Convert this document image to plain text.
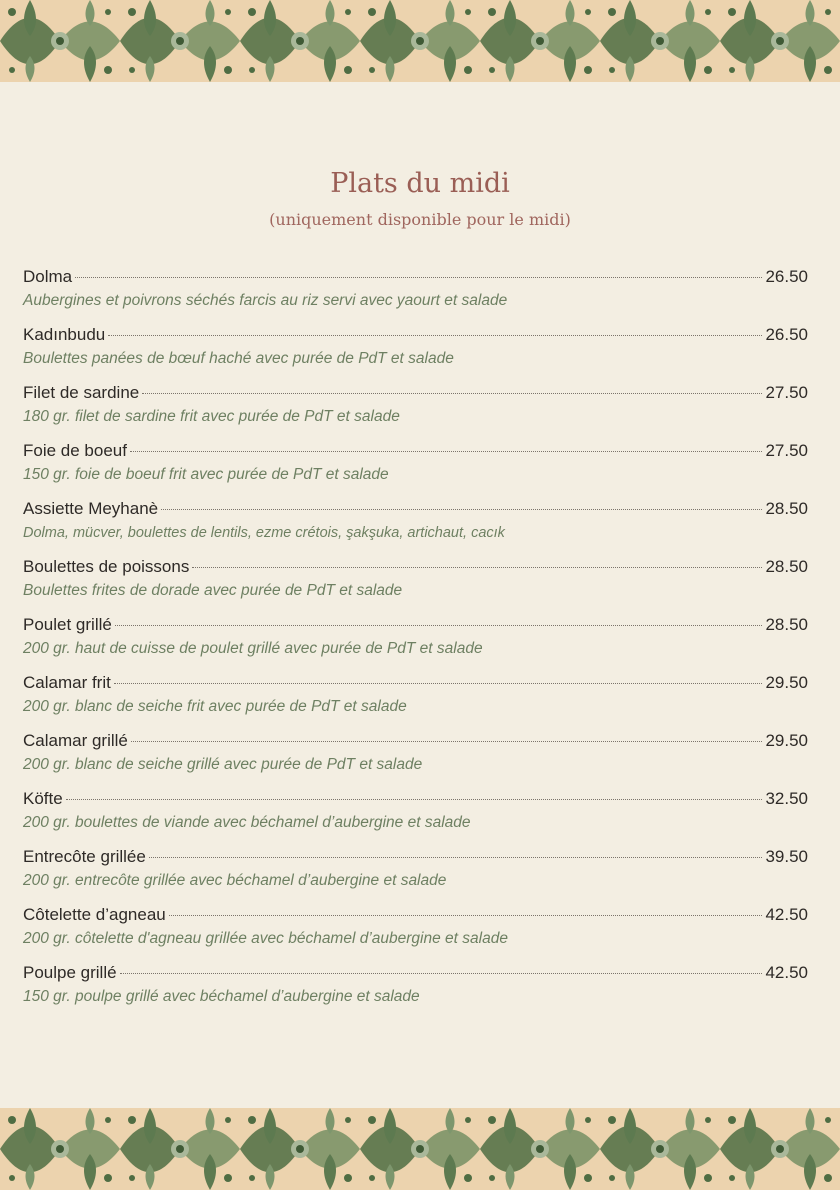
Plats du midi

(uniquement disponible pour le midi)

Dolma	26.50
Aubergines et poivrons séchés farcis au riz servi avec yaourt et salade
Kadınbudu	26.50
Boulettes panées de bœuf haché avec purée de PdT et salade
Filet de sardine	27.50
180 gr. filet de sardine frit avec purée de PdT et salade
Foie de boeuf	27.50
150 gr. foie de boeuf frit avec purée de PdT et salade
Assiette Meyhanè	28.50
Dolma, mücver, boulettes de lentils, ezme crétois, şakşuka, artichaut, cacık
Boulettes de poissons	28.50
Boulettes frites de dorade avec purée de PdT et salade
Poulet grillé	28.50
200 gr. haut de cuisse de poulet grillé avec purée de PdT et salade
Calamar frit	29.50
200 gr. blanc de seiche frit avec purée de PdT et salade
Calamar grillé	29.50
200 gr. blanc de seiche grillé avec purée de PdT et salade
Köfte	32.50
200 gr. boulettes de viande avec béchamel d’aubergine et salade
Entrecôte grillée	39.50
200 gr. entrecôte grillée avec béchamel d’aubergine et salade
Côtelette d’agneau	42.50
200 gr. côtelette d'agneau grillée avec béchamel d’aubergine et salade
Poulpe grillé	42.50
150 gr. poulpe grillé avec béchamel d’aubergine et salade
